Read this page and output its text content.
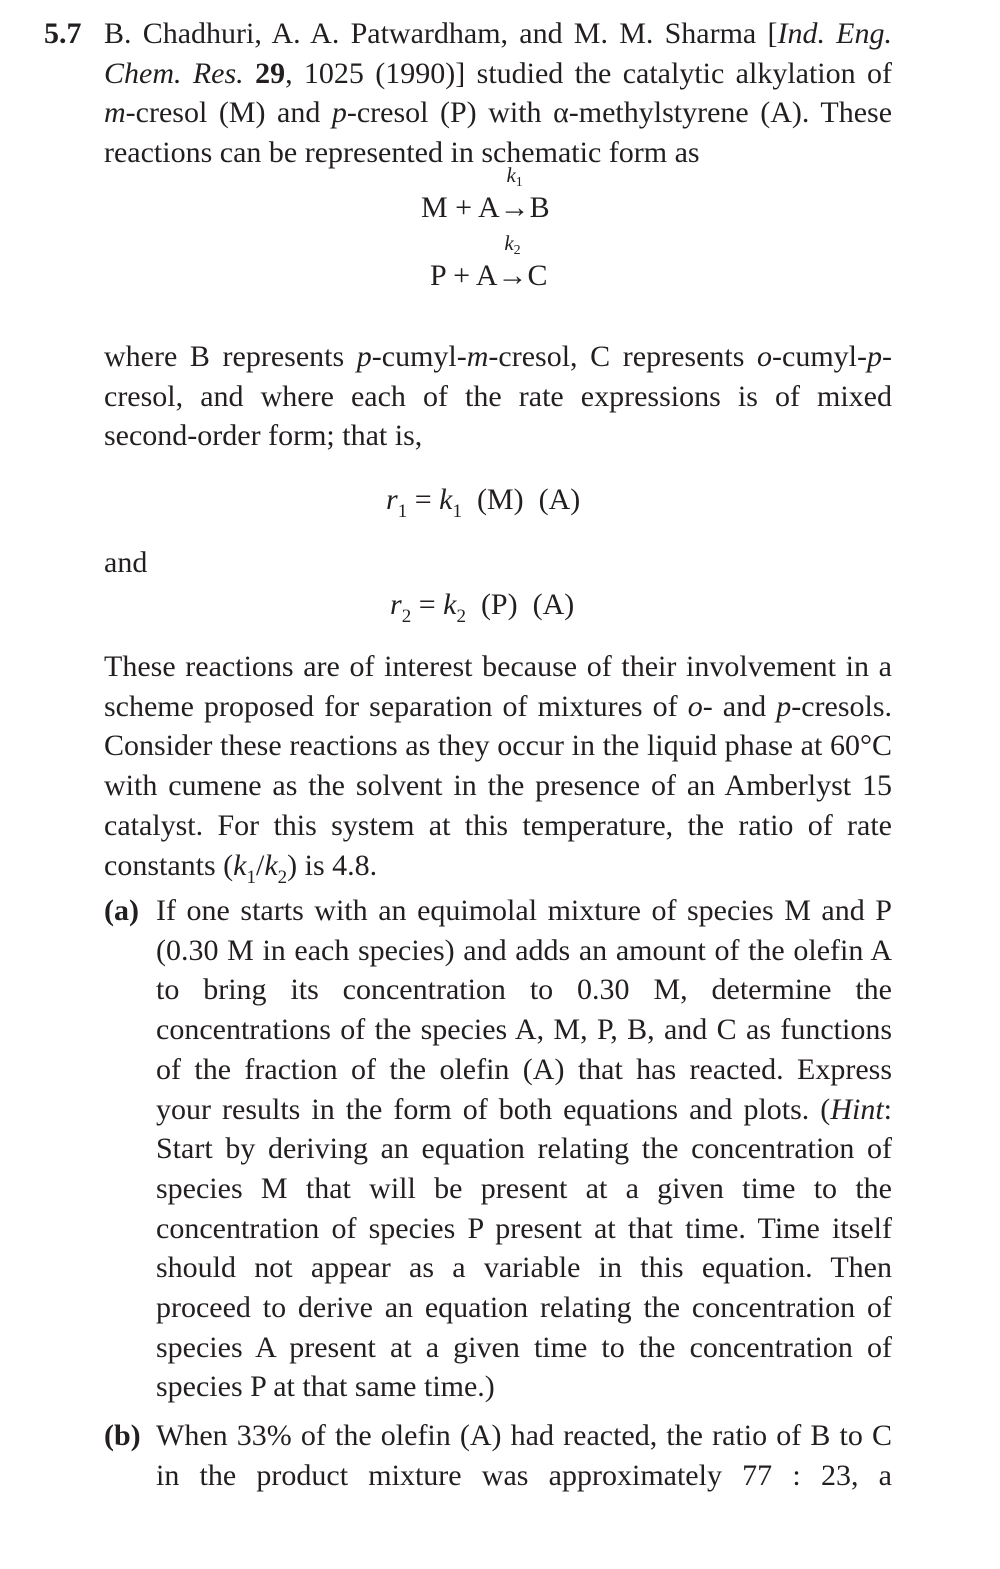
5.7 B. Chadhuri, A. A. Patwardham, and M. M. Sharma [Ind. Eng. Chem. Res. 29, 1025 (1990)] studied the catalytic alkylation of m-cresol (M) and p-cresol (P) with α-methylstyrene (A). These reactions can be represented in schematic form as
M + A
$k_1$
→B
P + A
$k_2$
→C
where B represents p-cumyl-m-cresol, C represents o-cumyl-p-cresol, and where each of the rate expressions is of mixed second-order form; that is,
$r_1 = k_1$  (M)  (A)
and
$r_2 = k_2$  (P)  (A)
These reactions are of interest because of their involvement in a scheme proposed for separation of mixtures of o- and p-cresols. Consider these reactions as they occur in the liquid phase at 60°C with cumene as the solvent in the presence of an Amberlyst 15 catalyst. For this system at this temperature, the ratio of rate constants $(k_1/k_2)$ is 4.8.
(a) If one starts with an equimolal mixture of species M and P (0.30 M in each species) and adds an amount of the olefin A to bring its concentration to 0.30 M, determine the concentrations of the species A, M, P, B, and C as functions of the fraction of the olefin (A) that has reacted. Express your results in the form of both equations and plots. (Hint: Start by deriving an equation relating the concentration of species M that will be present at a given time to the concentration of species P present at that time. Time itself should not appear as a variable in this equation. Then proceed to derive an equation relating the concentration of species A present at a given time to the concentration of species P at that same time.)
(b) When 33% of the olefin (A) had reacted, the ratio of B to C in the product mixture was approximately 77 : 23, a
